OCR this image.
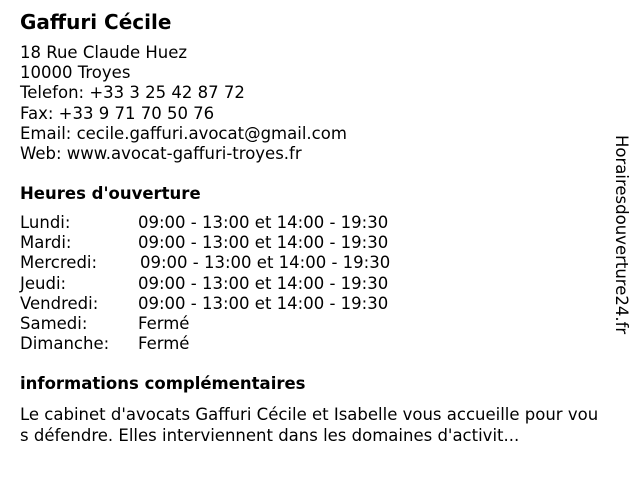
Gaffuri Cécile
18 Rue Claude Huez
10000 Troyes
Telefon: +33 3 25 42 87 72
Fax: +33 9 71 70 50 76
Email: cecile.gaffuri.avocat@gmail.com
Web: www.avocat-gaffuri-troyes.fr
Heures d'ouverture
Lundi:	09:00 - 13:00 et 14:00 - 19:30
Mardi:	09:00 - 13:00 et 14:00 - 19:30
Mercredi:	09:00 - 13:00 et 14:00 - 19:30
Jeudi:	09:00 - 13:00 et 14:00 - 19:30
Vendredi: 09:00 - 13:00 et 14:00 - 19:30
Samedi:	Fermé
Dimanche: Fermé
informations complémentaires

Le cabinet d'avocats Gaffuri Cécile et Isabelle vous accueille pour vous défendre. Elles interviennent dans les domaines d'activit...

Horairesdouverture24.fr
